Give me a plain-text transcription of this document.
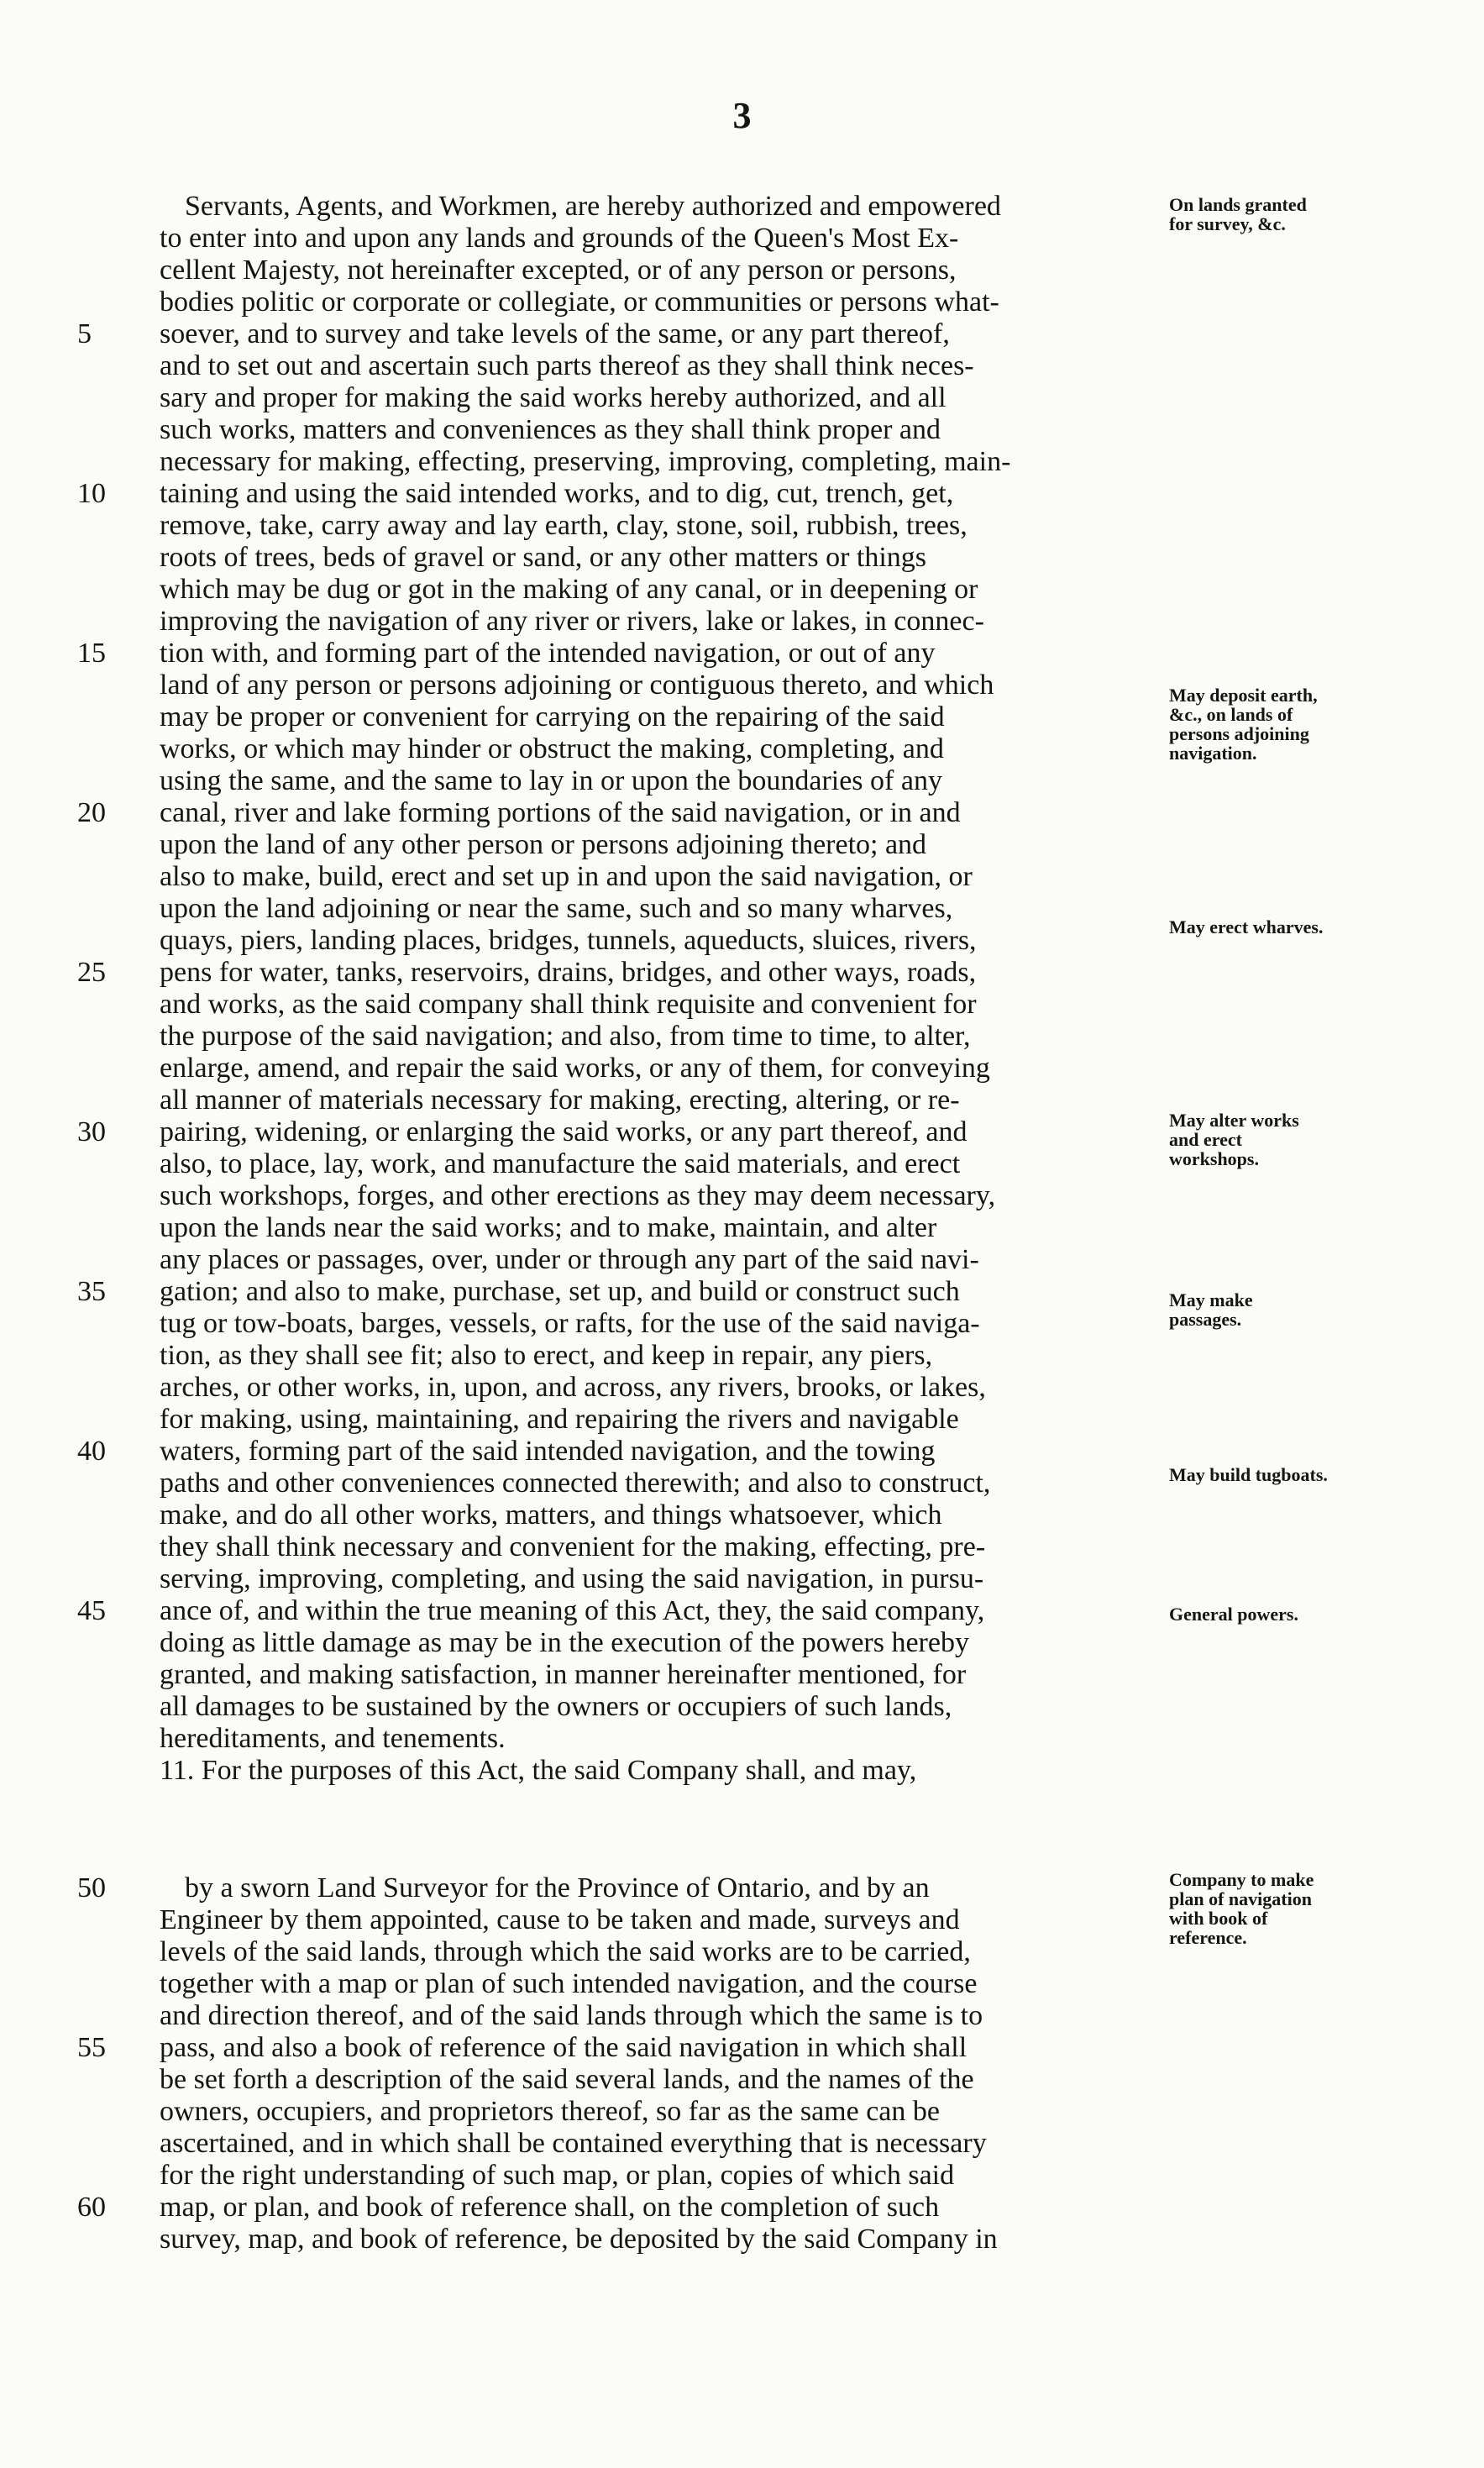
3
Servants, Agents, and Workmen, are hereby authorized and empowered
to enter into and upon any lands and grounds of the Queen's Most Ex-
cellent Majesty, not hereinafter excepted, or of any person or persons,
bodies politic or corporate or collegiate, or communities or persons what-
soever, and to survey and take levels of the same, or any part thereof,
and to set out and ascertain such parts thereof as they shall think neces-
sary and proper for making the said works hereby authorized, and all
such works, matters and conveniences as they shall think proper and
necessary for making, effecting, preserving, improving, completing, main-
taining and using the said intended works, and to dig, cut, trench, get,
remove, take, carry away and lay earth, clay, stone, soil, rubbish, trees,
roots of trees, beds of gravel or sand, or any other matters or things
which may be dug or got in the making of any canal, or in deepening or
improving the navigation of any river or rivers, lake or lakes, in connec-
tion with, and forming part of the intended navigation, or out of any
land of any person or persons adjoining or contiguous thereto, and which
may be proper or convenient for carrying on the repairing of the said
works, or which may hinder or obstruct the making, completing, and
using the same, and the same to lay in or upon the boundaries of any
canal, river and lake forming portions of the said navigation, or in and
upon the land of any other person or persons adjoining thereto; and
also to make, build, erect and set up in and upon the said navigation, or
upon the land adjoining or near the same, such and so many wharves,
quays, piers, landing places, bridges, tunnels, aqueducts, sluices, rivers,
pens for water, tanks, reservoirs, drains, bridges, and other ways, roads,
and works, as the said company shall think requisite and convenient for
the purpose of the said navigation; and also, from time to time, to alter,
enlarge, amend, and repair the said works, or any of them, for conveying
all manner of materials necessary for making, erecting, altering, or re-
pairing, widening, or enlarging the said works, or any part thereof, and
also, to place, lay, work, and manufacture the said materials, and erect
such workshops, forges, and other erections as they may deem necessary,
upon the lands near the said works; and to make, maintain, and alter
any places or passages, over, under or through any part of the said navi-
gation; and also to make, purchase, set up, and build or construct such
tug or tow-boats, barges, vessels, or rafts, for the use of the said naviga-
tion, as they shall see fit; also to erect, and keep in repair, any piers,
arches, or other works, in, upon, and across, any rivers, brooks, or lakes,
for making, using, maintaining, and repairing the rivers and navigable
waters, forming part of the said intended navigation, and the towing
paths and other conveniences connected therewith; and also to construct,
make, and do all other works, matters, and things whatsoever, which
they shall think necessary and convenient for the making, effecting, pre-
serving, improving, completing, and using the said navigation, in pursu-
ance of, and within the true meaning of this Act, they, the said company,
doing as little damage as may be in the execution of the powers hereby
granted, and making satisfaction, in manner hereinafter mentioned, for
all damages to be sustained by the owners or occupiers of such lands,
hereditaments, and tenements.
11. For the purposes of this Act, the said Company shall, and may,
by a sworn Land Surveyor for the Province of Ontario, and by an
Engineer by them appointed, cause to be taken and made, surveys and
levels of the said lands, through which the said works are to be carried,
together with a map or plan of such intended navigation, and the course
and direction thereof, and of the said lands through which the same is to
pass, and also a book of reference of the said navigation in which shall
be set forth a description of the said several lands, and the names of the
owners, occupiers, and proprietors thereof, so far as the same can be
ascertained, and in which shall be contained everything that is necessary
for the right understanding of such map, or plan, copies of which said
map, or plan, and book of reference shall, on the completion of such
survey, map, and book of reference, be deposited by the said Company in
5
10
15
20
25
30
35
40
45
50
55
60
On lands granted for survey, &c.
May deposit earth, &c., on lands of persons adjoining navigation.
May erect wharves.
May alter works and erect workshops.
May make passages.
May build tugboats.
General powers.
Company to make plan of navigation with book of reference.
